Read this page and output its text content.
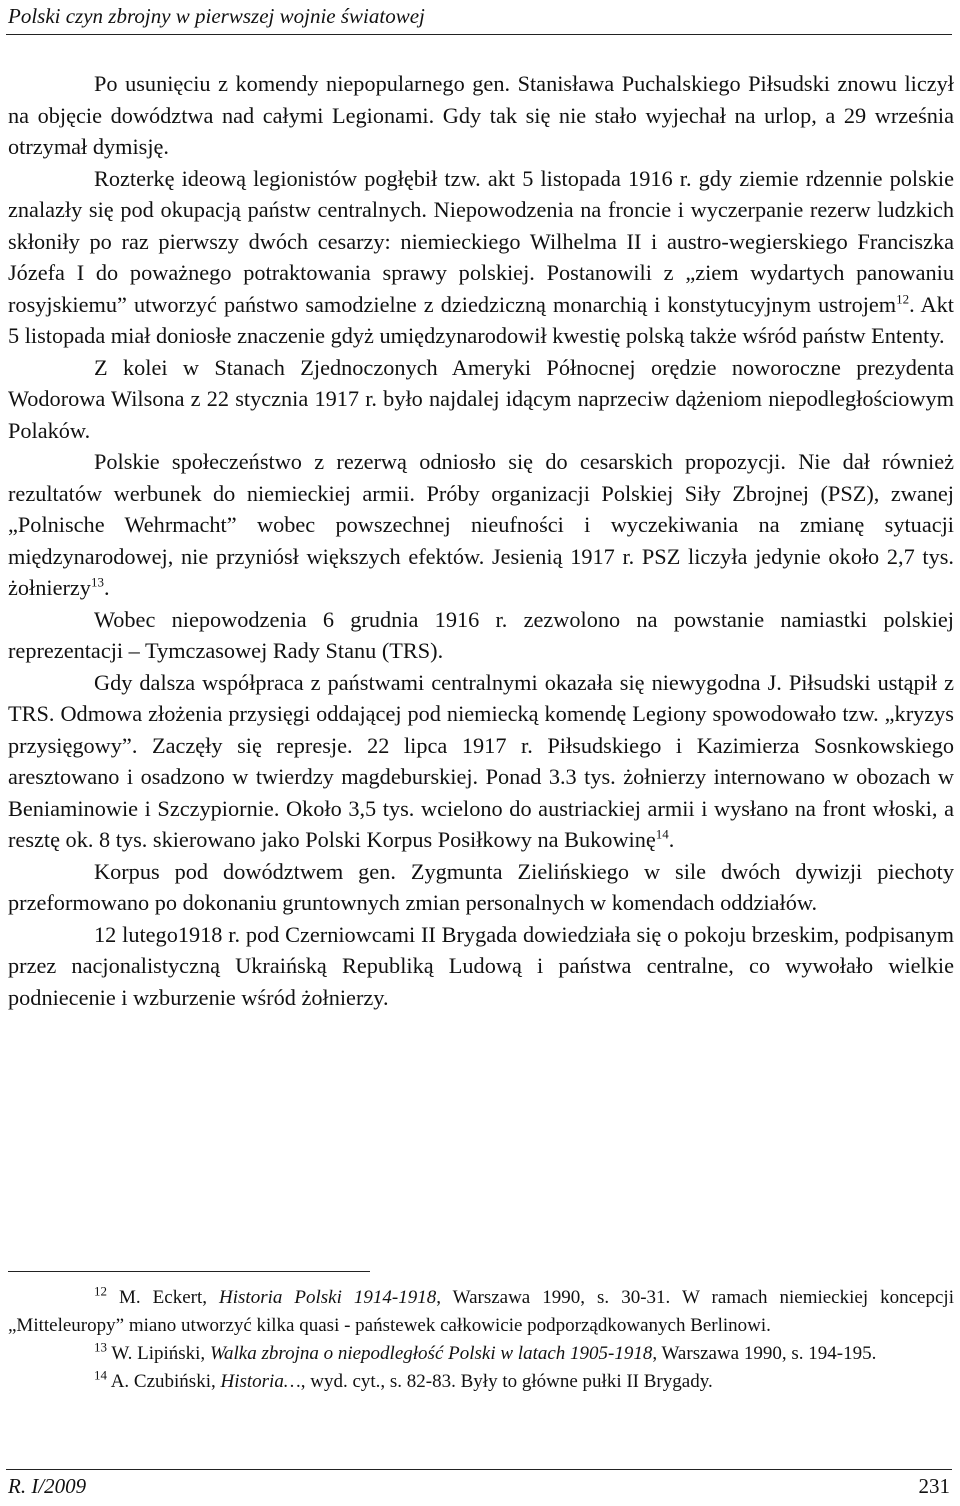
Polski czyn zbrojny w pierwszej wojnie światowej

Po usunięciu z komendy niepopularnego gen. Stanisława Puchalskiego Piłsudski znowu liczył na objęcie dowództwa nad całymi Legionami. Gdy tak się nie stało wyjechał na urlop, a 29 września otrzymał dymisję.

Rozterkę ideową legionistów pogłębił tzw. akt 5 listopada 1916 r. gdy ziemie rdzennie polskie znalazły się pod okupacją państw centralnych. Niepowodzenia na froncie i wyczerpanie rezerw ludzkich skłoniły po raz pierwszy dwóch cesarzy: niemieckiego Wilhelma II i austro-wegierskiego Franciszka Józefa I do poważnego potraktowania sprawy polskiej. Postanowili z „ziem wydartych panowaniu rosyjskiemu” utworzyć państwo samodzielne z dziedziczną monarchią i konstytucyjnym ustrojem$^{12}$. Akt 5 listopada miał doniosłe znaczenie gdyż umiędzynarodowił kwestię polską także wśród państw Ententy.

Z kolei w Stanach Zjednoczonych Ameryki Północnej orędzie noworoczne prezydenta Wodorowa Wilsona z 22 stycznia 1917 r. było najdalej idącym naprzeciw dążeniom niepodległościowym Polaków.

Polskie społeczeństwo z rezerwą odniosło się do cesarskich propozycji. Nie dał również rezultatów werbunek do niemieckiej armii. Próby organizacji Polskiej Siły Zbrojnej (PSZ), zwanej „Polnische Wehrmacht” wobec powszechnej nieufności i wyczekiwania na zmianę sytuacji międzynarodowej, nie przyniósł większych efektów. Jesienią 1917 r. PSZ liczyła jedynie około 2,7 tys. żołnierzy$^{13}$.

Wobec niepowodzenia 6 grudnia 1916 r. zezwolono na powstanie namiastki polskiej reprezentacji – Tymczasowej Rady Stanu (TRS).

Gdy dalsza współpraca z państwami centralnymi okazała się niewygodna J. Piłsudski ustąpił z TRS. Odmowa złożenia przysięgi oddającej pod niemiecką komendę Legiony spowodowało tzw. „kryzys przysięgowy”. Zaczęły się represje. 22 lipca 1917 r. Piłsudskiego i Kazimierza Sosnkowskiego aresztowano i osadzono w twierdzy magdeburskiej. Ponad 3.3 tys. żołnierzy internowano w obozach w Beniaminowie i Szczypiornie. Około 3,5 tys. wcielono do austriackiej armii i wysłano na front włoski, a resztę ok. 8 tys. skierowano jako Polski Korpus Posiłkowy na Bukowinę$^{14}$.

Korpus pod dowództwem gen. Zygmunta Zielińskiego w sile dwóch dywizji piechoty przeformowano po dokonaniu gruntownych zmian personalnych w komendach oddziałów.

12 lutego1918 r. pod Czerniowcami II Brygada dowiedziała się o pokoju brzeskim, podpisanym przez nacjonalistyczną Ukraińską Republiką Ludową i państwa centralne, co wywołało wielkie podniecenie i wzburzenie wśród żołnierzy.

$^{12}$ M. Eckert, Historia Polski 1914-1918, Warszawa 1990, s. 30-31. W ramach niemieckiej koncepcji „Mitteleuropy” miano utworzyć kilka quasi - państewek całkowicie podporządkowanych Berlinowi.

$^{13}$ W. Lipiński, Walka zbrojna o niepodległość Polski w latach 1905-1918, Warszawa 1990, s. 194-195.

$^{14}$ A. Czubiński, Historia…, wyd. cyt., s. 82-83. Były to główne pułki II Brygady.

R. I/2009	231
